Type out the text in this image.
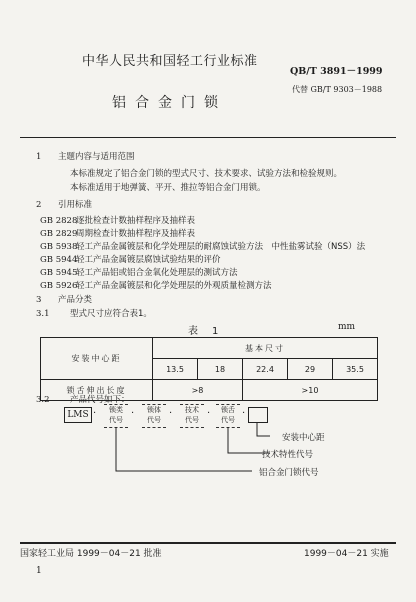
中华人民共和国轻工行业标准
QB/T 3891－1999
铝合金门锁
代替 GB/T 9303－1988
1 主题内容与适用范围
本标准规定了铝合金门锁的型式尺寸、技术要求、试验方法和检验规则。
本标准适用于地弹簧、平开、推拉等铝合金门用锁。
2 引用标准
GB 2828逐批检查计数抽样程序及抽样表
GB 2829周期检查计数抽样程序及抽样表
GB 5938轻工产品金属镀层和化学处理层的耐腐蚀试验方法　中性盐雾试验（NSS）法
GB 5944轻工产品金属镀层腐蚀试验结果的评价
GB 5945轻工产品铝或铝合金氧化处理层的测试方法
GB 5926轻工产品金属镀层和化学处理层的外观质量检测方法
3 产品分类
3.1 型式尺寸应符合表1。
表　1	mm
安装中心距	基本尺寸				
	13.5	18	22.4	29	35.5
锁舌伸出长度	>8		>10		
3.2 产品代号如下：
LMS ·	锁类
代号
·	锁体
代号
·	技术
代号
·	锁舌
代号
·
安装中心距
技术特性代号
铝合金门锁代号
国家轻工业局 1999－04－21 批准	1999－04－21 实施
1
